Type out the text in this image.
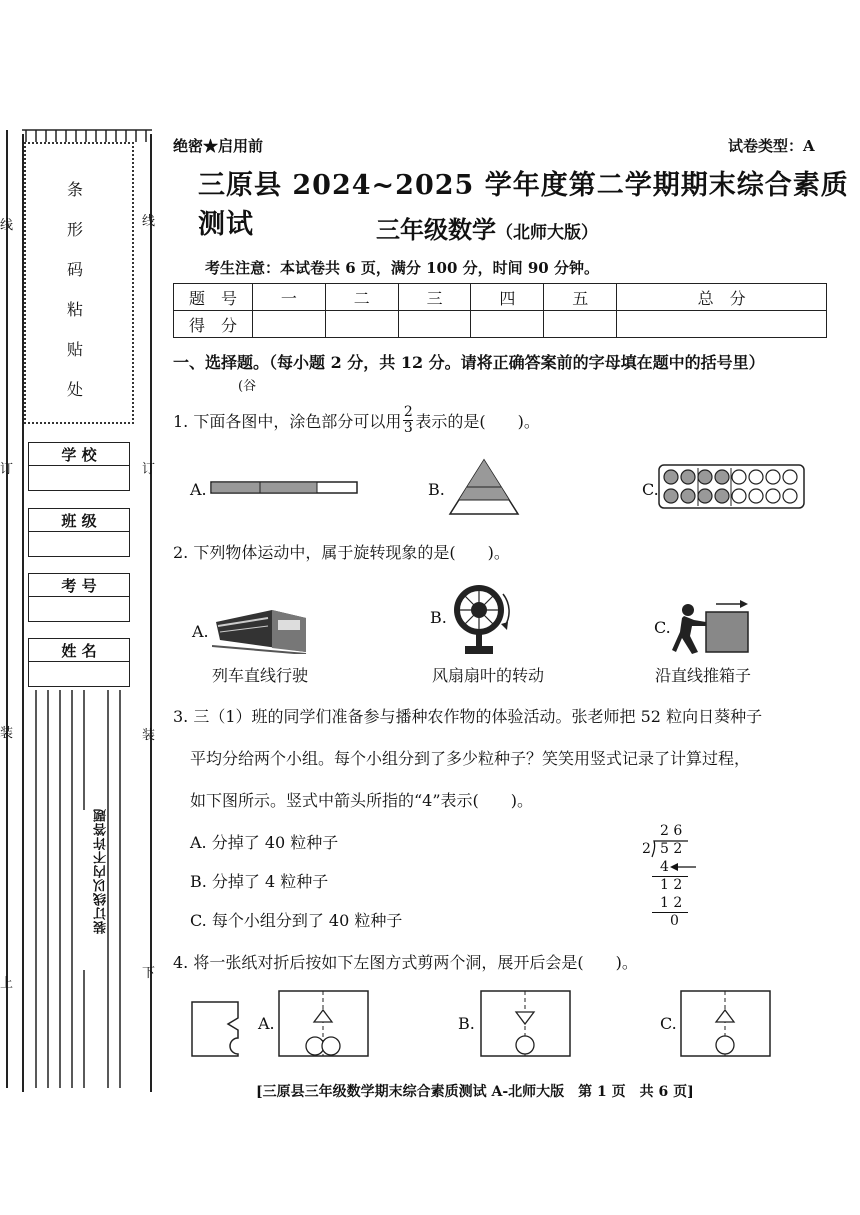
线
订
装
上
线
订
装
下
条形码粘贴处
学 校
班 级
考 号
姓 名
装订线以内不许答题
绝密★启用前	试卷类型：A
三原县 2024~2025 学年度第二学期期末综合素质测试	三年级数学（北师大版）
考生注意：本试卷共 6 页，满分 100 分，时间 90 分钟。
题　号	一	二	三	四	五	总　分
得　分						
一、选择题。（每小题 2 分，共 12 分。请将正确答案前的字母填在题中的括号里）
(谷
1. 下面各图中，涂色部分可以用 2
3 表示的是(　　)。
A.	B.	C.
2. 下列物体运动中，属于旋转现象的是(　　)。
A.
列车直线行驶
B.
风扇扇叶的转动
C.
沿直线推箱子
3. 三（1）班的同学们准备参与播种农作物的体验活动。张老师把 52 粒向日葵种子
平均分给两个小组。每个小组分到了多少粒种子？笑笑用竖式记录了计算过程，
如下图所示。竖式中箭头所指的“4”表示(　　)。
A. 分掉了 40 粒种子
B. 分掉了 4 粒种子
C. 每个小组分到了 40 粒种子
2 6
2 5 2
4
1 2
1 2
0
4. 将一张纸对折后按如下左图方式剪两个洞，展开后会是(　　)。
A.	B.	C.
[三原县三年级数学期末综合素质测试 A-北师大版　第 1 页　共 6 页]
